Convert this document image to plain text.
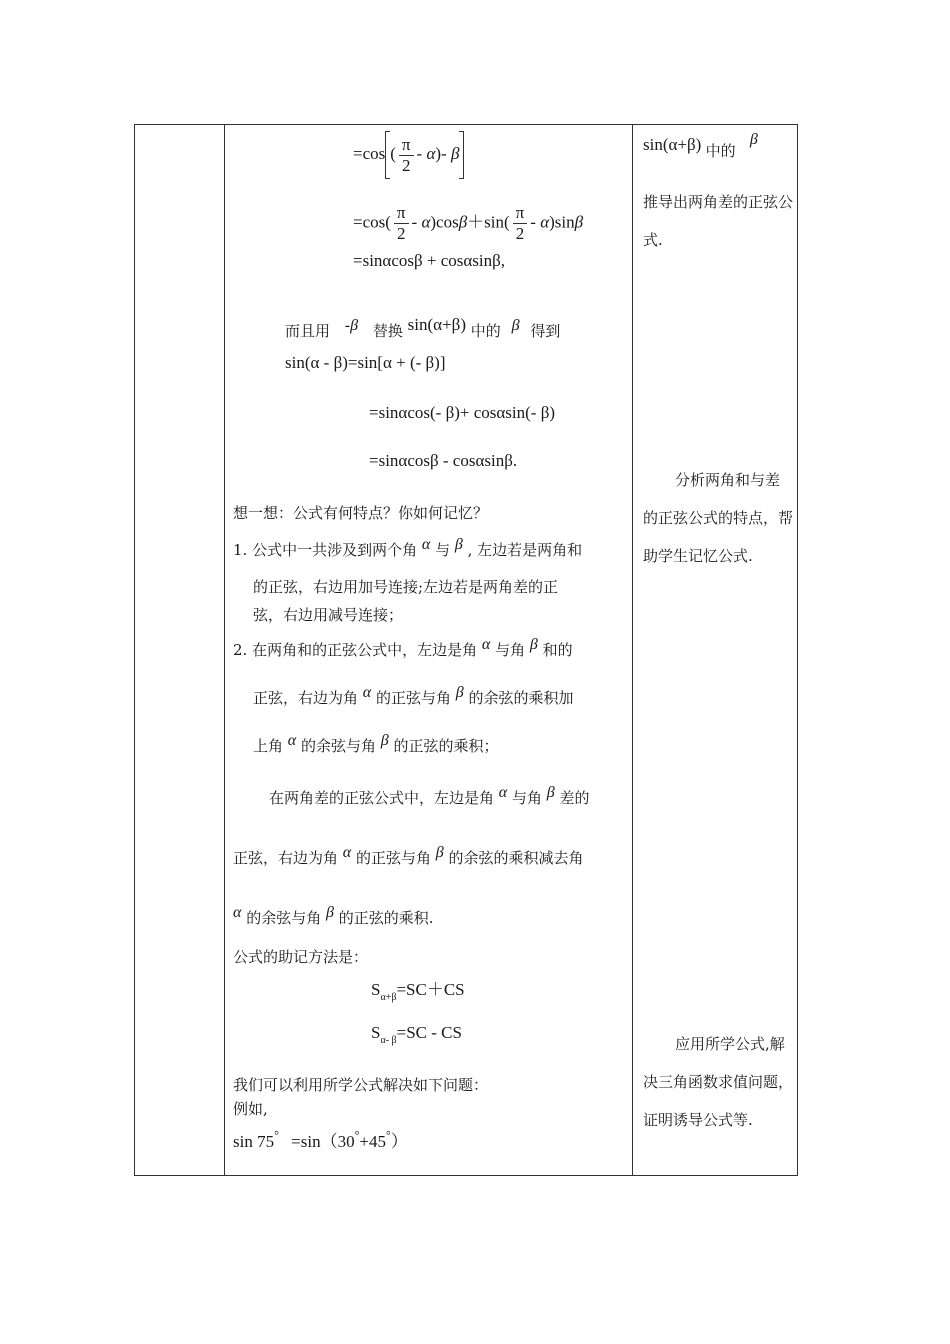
=cos ( $\frac{\pi}{2} - \alpha)-$ β
$=\cos( \frac{\pi}{2} - \alpha)\cos\beta+\sin( \frac{\pi}{2} - \alpha)\sin\beta$
=sinαcosβ + cosαsinβ,
而且用 -β 替换 sin(α+β) 中的 β 得到
sin(α - β)=sin[α + (- β)]
=sinαcos(- β)+ cosαsin(- β)
=sinαcosβ - cosαsinβ.
想一想：公式有何特点？你如何记忆？
1. 公式中一共涉及到两个角 α 与 β , 左边若是两角和
的正弦，右边用加号连接;左边若是两角差的正
弦，右边用减号连接；
2. 在两角和的正弦公式中，左边是角 α 与角 β 和的
正弦，右边为角 α 的正弦与角 β 的余弦的乘积加
上角 α 的余弦与角 β 的正弦的乘积；
在两角差的正弦公式中，左边是角 α 与角 β 差的
正弦，右边为角 α 的正弦与角 β 的余弦的乘积减去角
α 的余弦与角 β 的正弦的乘积.
公式的助记方法是：
$S_{\alpha+\beta}=SC+CS$
$S_{\alpha- \beta}=SC$ - CS
我们可以利用所学公式解决如下问题：
例如,
sin 75° =sin（30°+45°）
sin(α+β) 中的 β
推导出两角差的正弦公式.
分析两角和与差的正弦公式的特点，帮助学生记忆公式.
应用所学公式,解决三角函数求值问题，证明诱导公式等.
